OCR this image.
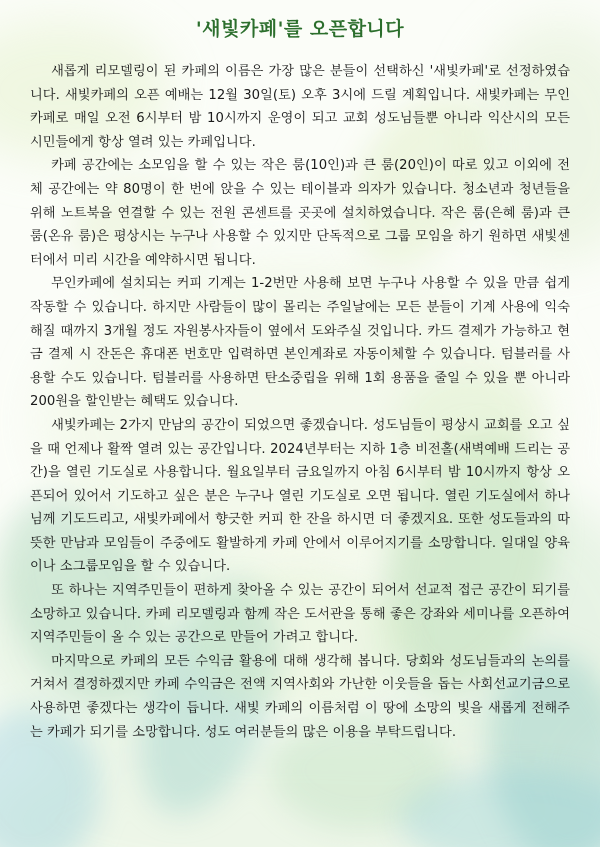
'새빛카페'를 오픈합니다

새롭게 리모델링이 된 카페의 이름은 가장 많은 분들이 선택하신 '새빛카페'로 선정하였습니다. 새빛카페의 오픈 예배는 12월 30일(토) 오후 3시에 드릴 계획입니다. 새빛카페는 무인카페로 매일 오전 6시부터 밤 10시까지 운영이 되고 교회 성도님들뿐 아니라 익산시의 모든 시민들에게 항상 열려 있는 카페입니다.

카페 공간에는 소모임을 할 수 있는 작은 룸(10인)과 큰 룸(20인)이 따로 있고 이외에 전체 공간에는 약 80명이 한 번에 앉을 수 있는 테이블과 의자가 있습니다. 청소년과 청년들을 위해 노트북을 연결할 수 있는 전원 콘센트를 곳곳에 설치하였습니다. 작은 룸(은혜 룸)과 큰 룸(온유 룸)은 평상시는 누구나 사용할 수 있지만 단독적으로 그룹 모임을 하기 원하면 새빛센터에서 미리 시간을 예약하시면 됩니다.

무인카페에 설치되는 커피 기계는 1-2번만 사용해 보면 누구나 사용할 수 있을 만큼 쉽게 작동할 수 있습니다. 하지만 사람들이 많이 몰리는 주일날에는 모든 분들이 기계 사용에 익숙해질 때까지 3개월 정도 자원봉사자들이 옆에서 도와주실 것입니다. 카드 결제가 가능하고 현금 결제 시 잔돈은 휴대폰 번호만 입력하면 본인계좌로 자동이체할 수 있습니다. 텀블러를 사용할 수도 있습니다. 텀블러를 사용하면 탄소중립을 위해 1회 용품을 줄일 수 있을 뿐 아니라 200원을 할인받는 혜택도 있습니다.

새빛카페는 2가지 만남의 공간이 되었으면 좋겠습니다. 성도님들이 평상시 교회를 오고 싶을 때 언제나 활짝 열려 있는 공간입니다. 2024년부터는 지하 1층 비전홀(새벽예배 드리는 공간)을 열린 기도실로 사용합니다. 월요일부터 금요일까지 아침 6시부터 밤 10시까지 항상 오픈되어 있어서 기도하고 싶은 분은 누구나 열린 기도실로 오면 됩니다. 열린 기도실에서 하나님께 기도드리고, 새빛카페에서 향긋한 커피 한 잔을 하시면 더 좋겠지요. 또한 성도들과의 따뜻한 만남과 모임들이 주중에도 활발하게 카페 안에서 이루어지기를 소망합니다. 일대일 양육이나 소그룹모임을 할 수 있습니다.

또 하나는 지역주민들이 편하게 찾아올 수 있는 공간이 되어서 선교적 접근 공간이 되기를 소망하고 있습니다. 카페 리모델링과 함께 작은 도서관을 통해 좋은 강좌와 세미나를 오픈하여 지역주민들이 올 수 있는 공간으로 만들어 가려고 합니다.

마지막으로 카페의 모든 수익금 활용에 대해 생각해 봅니다. 당회와 성도님들과의 논의를 거쳐서 결정하겠지만 카페 수익금은 전액 지역사회와 가난한 이웃들을 돕는 사회선교기금으로 사용하면 좋겠다는 생각이 듭니다. 새빛 카페의 이름처럼 이 땅에 소망의 빛을 새롭게 전해주는 카페가 되기를 소망합니다. 성도 여러분들의 많은 이용을 부탁드립니다.
